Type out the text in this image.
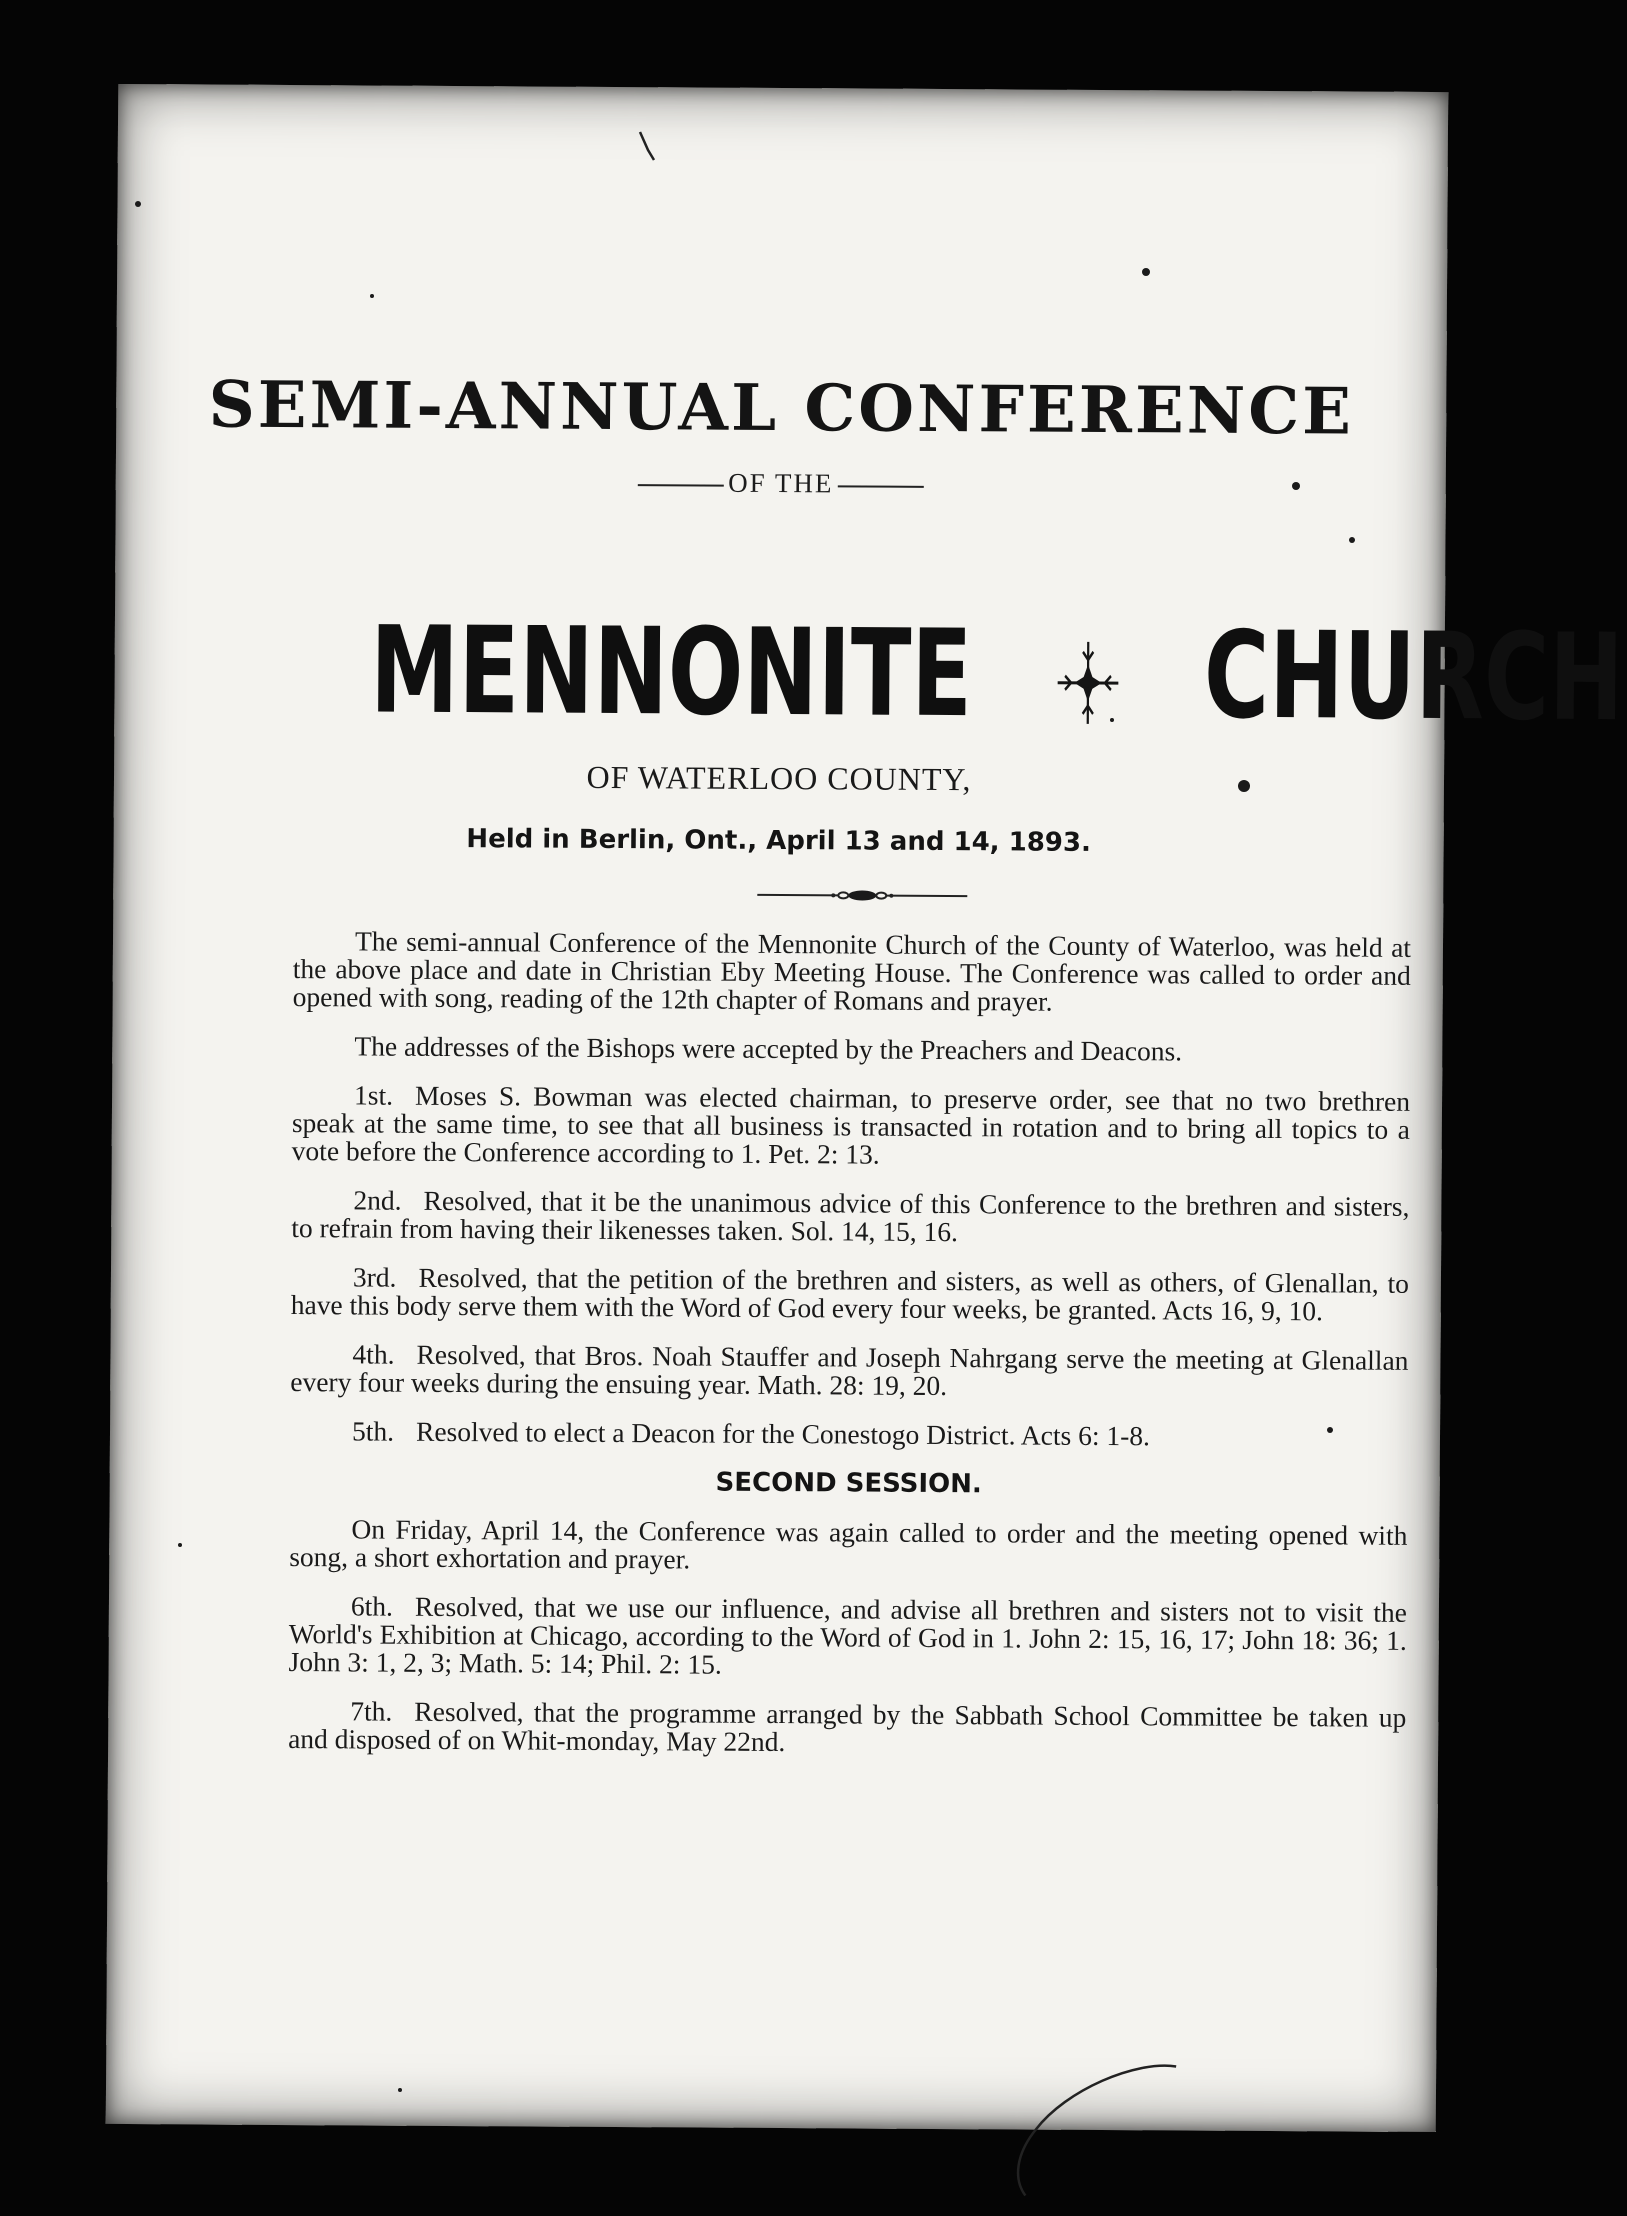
SEMI-ANNUAL CONFERENCE
OF THE
MENNONITE CHURCH
OF WATERLOO COUNTY,
Held in Berlin, Ont., April 13 and 14, 1893.

The semi-annual Conference of the Mennonite Church of the County of Waterloo, was held at the above place and date in Christian Eby Meeting House. The Conference was called to order and opened with song, reading of the 12th chapter of Romans and prayer.

The addresses of the Bishops were accepted by the Preachers and Deacons.

1st. Moses S. Bowman was elected chairman, to preserve order, see that no two brethren speak at the same time, to see that all business is transacted in rotation and to bring all topics to a vote before the Conference according to 1. Pet. 2: 13.

2nd. Resolved, that it be the unanimous advice of this Conference to the brethren and sisters, to refrain from having their likenesses taken. Sol. 14, 15, 16.

3rd. Resolved, that the petition of the brethren and sisters, as well as others, of Glenallan, to have this body serve them with the Word of God every four weeks, be granted. Acts 16, 9, 10.

4th. Resolved, that Bros. Noah Stauffer and Joseph Nahrgang serve the meeting at Glenallan every four weeks during the ensuing year. Math. 28: 19, 20.

5th. Resolved to elect a Deacon for the Conestogo District. Acts 6: 1-8.

SECOND SESSION.

On Friday, April 14, the Conference was again called to order and the meeting opened with song, a short exhortation and prayer.

6th. Resolved, that we use our influence, and advise all brethren and sisters not to visit the World's Exhibition at Chicago, according to the Word of God in 1. John 2: 15, 16, 17; John 18: 36; 1. John 3: 1, 2, 3; Math. 5: 14; Phil. 2: 15.

7th. Resolved, that the programme arranged by the Sabbath School Committee be taken up and disposed of on Whit-monday, May 22nd.
